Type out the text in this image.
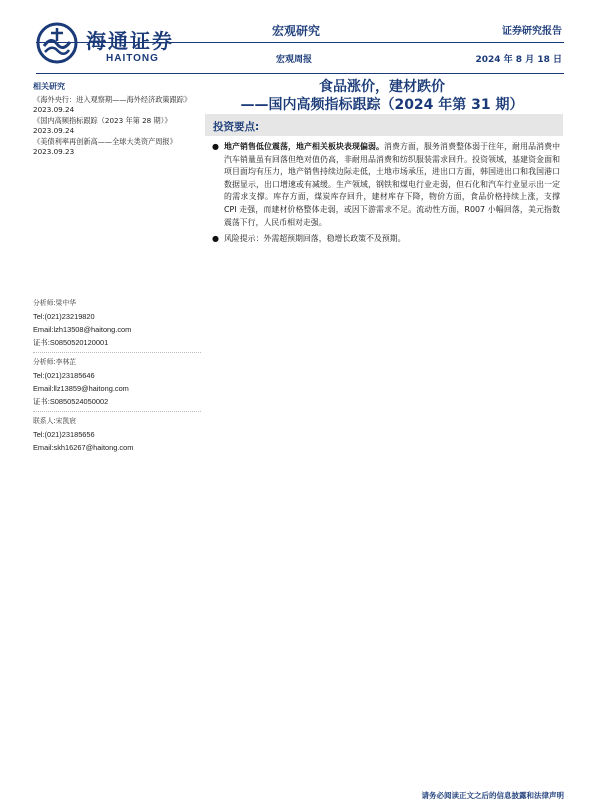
海通证券
HAITONG
宏观研究
宏观周报
证券研究报告
2024 年 8 月 18 日
相关研究
《海外央行：进入观察期——海外经济政策跟踪》2023.09.24
《国内高频指标跟踪（2023 年第 28 期）》2023.09.24
《美债利率再创新高——全球大类资产周报》2023.09.23
分析师:梁中华
Tel:(021)23219820
Email:lzh13508@haitong.com
证书:S0850520120001
分析师:李林芷
Tel:(021)23185646
Email:llz13859@haitong.com
证书:S0850524050002
联系人:宋凯宸
Tel:(021)23185656
Email:skh16267@haitong.com
食品涨价，建材跌价
——国内高频指标跟踪（2024 年第 31 期）
投资要点:
● 地产销售低位震荡，地产相关板块表现偏弱。消费方面，服务消费整体弱于往年，耐用品消费中汽车销量虽有回落但绝对值仍高，非耐用品消费和纺织服装需求回升。投资领域，基建资金面和项目面均有压力，地产销售持续边际走低，土地市场承压，进出口方面，韩国进出口和我国港口数据显示，出口增速或有减缓。生产领域，钢铁和煤电行业走弱，但石化和汽车行业显示出一定的需求支撑。库存方面，煤炭库存回升，建材库存下降，物价方面，食品价格持续上涨，支撑 CPI 走强，而建材价格整体走弱，或因下游需求不足。流动性方面，R007 小幅回落，美元指数震荡下行，人民币相对走强。
● 风险提示：外需超预期回落，稳增长政策不及预期。
请务必阅读正文之后的信息披露和法律声明
